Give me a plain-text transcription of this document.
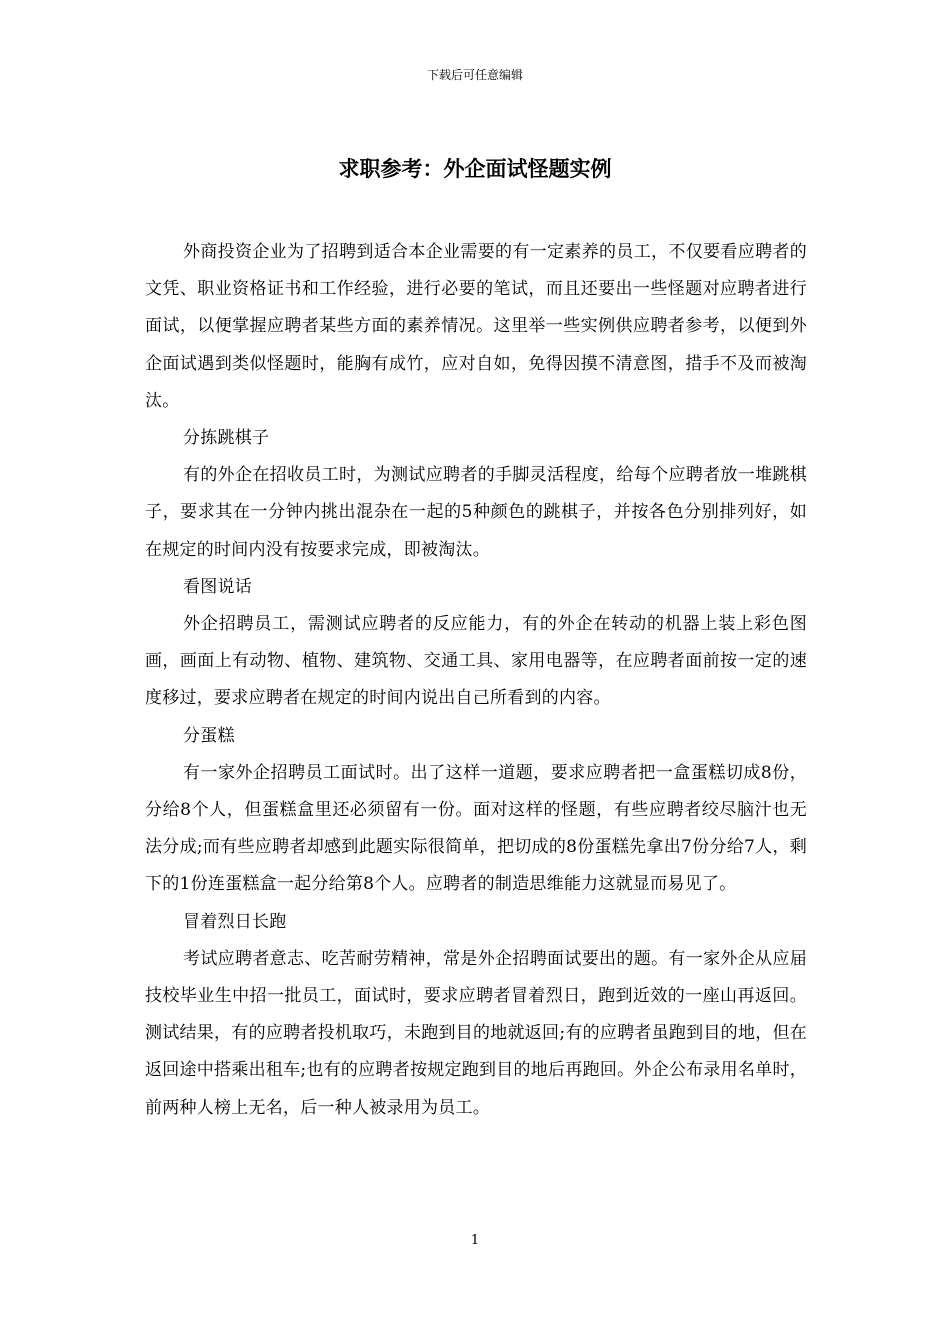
下载后可任意编辑
求职参考：外企面试怪题实例

外商投资企业为了招聘到适合本企业需要的有一定素养的员工，不仅要看应聘者的文凭、职业资格证书和工作经验，进行必要的笔试，而且还要出一些怪题对应聘者进行面试，以便掌握应聘者某些方面的素养情况。这里举一些实例供应聘者参考，以便到外企面试遇到类似怪题时，能胸有成竹，应对自如，免得因摸不清意图，措手不及而被淘汰。

分拣跳棋子

有的外企在招收员工时，为测试应聘者的手脚灵活程度，给每个应聘者放一堆跳棋子，要求其在一分钟内挑出混杂在一起的5种颜色的跳棋子，并按各色分别排列好，如在规定的时间内没有按要求完成，即被淘汰。

看图说话

外企招聘员工，需测试应聘者的反应能力，有的外企在转动的机器上装上彩色图画，画面上有动物、植物、建筑物、交通工具、家用电器等，在应聘者面前按一定的速度移过，要求应聘者在规定的时间内说出自己所看到的内容。

分蛋糕

有一家外企招聘员工面试时。出了这样一道题，要求应聘者把一盒蛋糕切成8份，分给8个人，但蛋糕盒里还必须留有一份。面对这样的怪题，有些应聘者绞尽脑汁也无法分成;而有些应聘者却感到此题实际很简单，把切成的8份蛋糕先拿出7份分给7人，剩下的1份连蛋糕盒一起分给第8个人。应聘者的制造思维能力这就显而易见了。

冒着烈日长跑

考试应聘者意志、吃苦耐劳精神，常是外企招聘面试要出的题。有一家外企从应届技校毕业生中招一批员工，面试时，要求应聘者冒着烈日，跑到近效的一座山再返回。测试结果，有的应聘者投机取巧，未跑到目的地就返回;有的应聘者虽跑到目的地，但在返回途中搭乘出租车;也有的应聘者按规定跑到目的地后再跑回。外企公布录用名单时，前两种人榜上无名，后一种人被录用为员工。

1
